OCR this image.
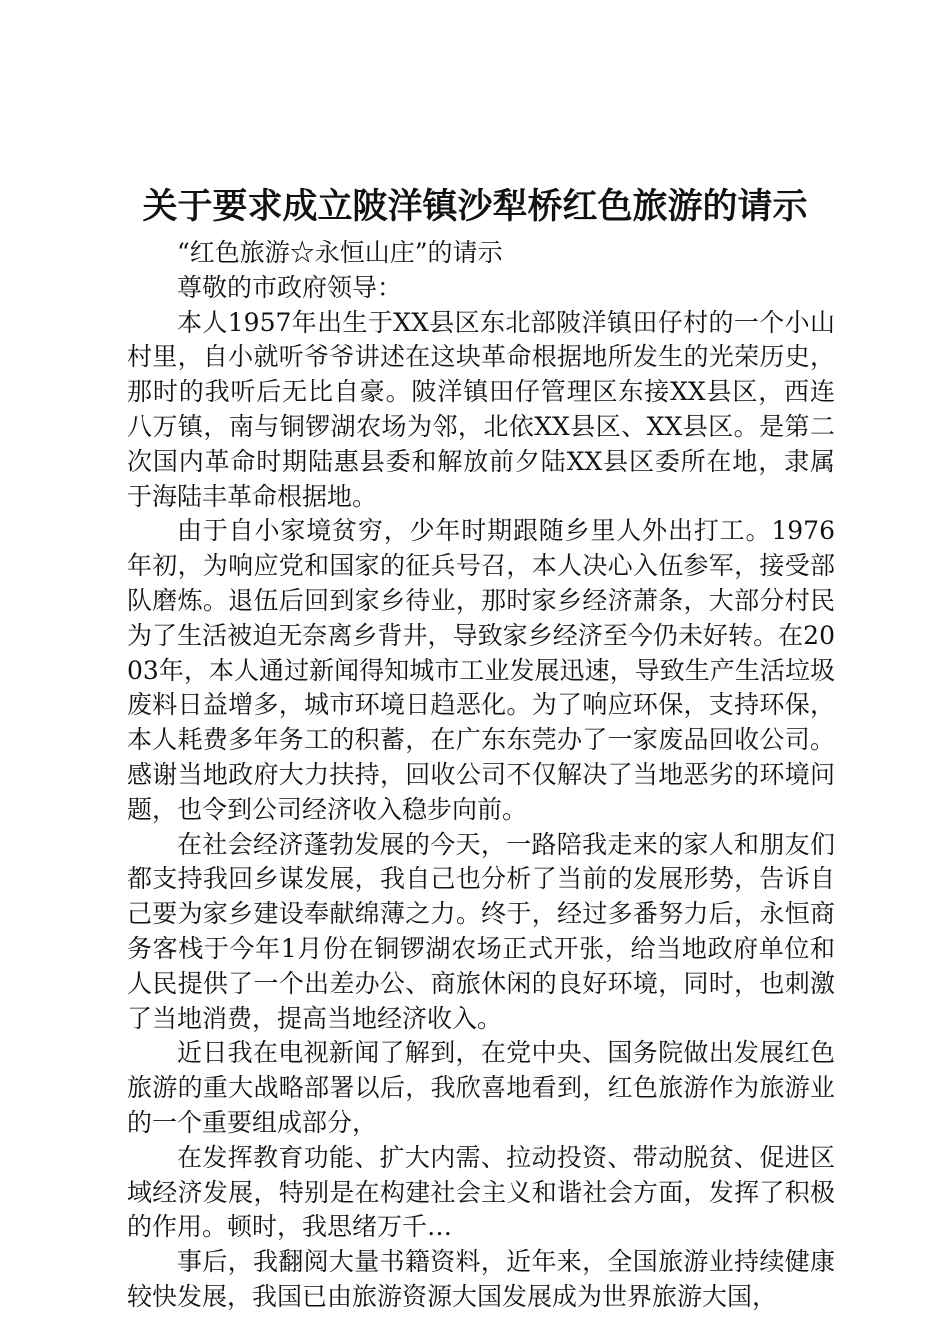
关于要求成立陂洋镇沙犁桥红色旅游的请示

“红色旅游☆永恒山庄”的请示

尊敬的市政府领导：

本人1957年出生于XX县区东北部陂洋镇田仔村的一个小山村里，自小就听爷爷讲述在这块革命根据地所发生的光荣历史，那时的我听后无比自豪。陂洋镇田仔管理区东接XX县区，西连八万镇，南与铜锣湖农场为邻，北依XX县区、XX县区。是第二次国内革命时期陆惠县委和解放前夕陆XX县区委所在地，隶属于海陆丰革命根据地。

由于自小家境贫穷，少年时期跟随乡里人外出打工。1976年初，为响应党和国家的征兵号召，本人决心入伍参军，接受部队磨炼。退伍后回到家乡待业，那时家乡经济萧条，大部分村民为了生活被迫无奈离乡背井，导致家乡经济至今仍未好转。在2003年，本人通过新闻得知城市工业发展迅速，导致生产生活垃圾废料日益增多，城市环境日趋恶化。为了响应环保，支持环保，本人耗费多年务工的积蓄，在广东东莞办了一家废品回收公司。感谢当地政府大力扶持，回收公司不仅解决了当地恶劣的环境问题，也令到公司经济收入稳步向前。

在社会经济蓬勃发展的今天，一路陪我走来的家人和朋友们都支持我回乡谋发展，我自己也分析了当前的发展形势，告诉自己要为家乡建设奉献绵薄之力。终于，经过多番努力后，永恒商务客栈于今年1月份在铜锣湖农场正式开张，给当地政府单位和人民提供了一个出差办公、商旅休闲的良好环境，同时，也刺激了当地消费，提高当地经济收入。

近日我在电视新闻了解到，在党中央、国务院做出发展红色旅游的重大战略部署以后，我欣喜地看到，红色旅游作为旅游业的一个重要组成部分，

在发挥教育功能、扩大内需、拉动投资、带动脱贫、促进区域经济发展，特别是在构建社会主义和谐社会方面，发挥了积极的作用。顿时，我思绪万千…

事后，我翻阅大量书籍资料，近年来，全国旅游业持续健康较快发展，我国已由旅游资源大国发展成为世界旅游大国，
